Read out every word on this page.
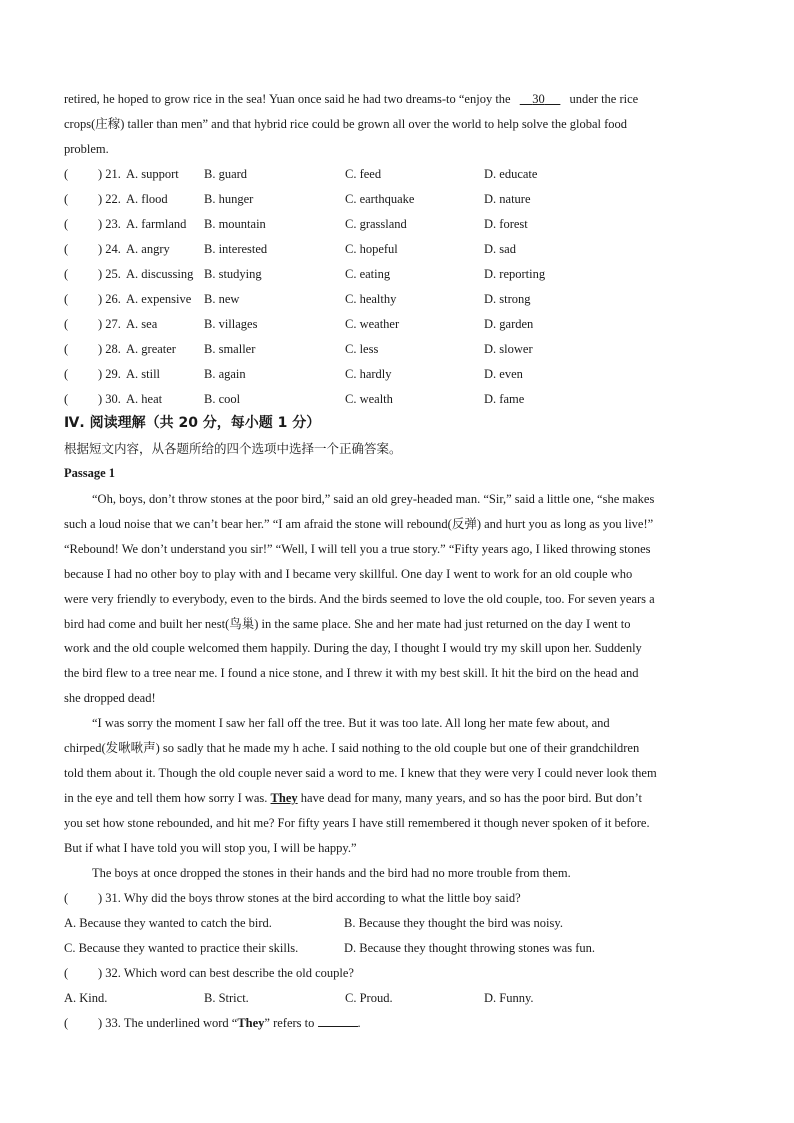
retired, he hoped to grow rice in the sea! Yuan once said he had two dreams-to “enjoy the 30 under the rice
crops(庄稼) taller than men” and that hybrid rice could be grown all over the world to help solve the global food
problem.
( ) 21. A. support B. guard	C. feed	D. educate
( ) 22. A. flood	B. hunger	C. earthquake	D. nature
( ) 23. A. farmland B. mountain	C. grassland	D. forest
( ) 24. A. angry	B. interested	C. hopeful	D. sad
( ) 25. A. discussing B. studying	C. eating	D. reporting
( ) 26. A. expensive B. new	C. healthy	D. strong
( ) 27. A. sea	B. villages	C. weather	D. garden
( ) 28. A. greater B. smaller	C. less	D. slower
( ) 29. A. still	B. again	C. hardly	D. even
( ) 30. A. heat	B. cool	C. wealth	D. fame
Ⅳ. 阅读理解（共 20 分，每小题 1 分）
根据短文内容，从各题所给的四个选项中选择一个正确答案。
Passage 1

“Oh, boys, don’t throw stones at the poor bird,” said an old grey-headed man. “Sir,” said a little one, “she makes

such a loud noise that we can’t bear her.” “I am afraid the stone will rebound(反弹) and hurt you as long as you live!”

“Rebound! We don’t understand you sir!” “Well, I will tell you a true story.” “Fifty years ago, I liked throwing stones

because I had no other boy to play with and I became very skillful. One day I went to work for an old couple who

were very friendly to everybody, even to the birds. And the birds seemed to love the old couple, too. For seven years a

bird had come and built her nest(鸟巢) in the same place. She and her mate had just returned on the day I went to

work and the old couple welcomed them happily. During the day, I thought I would try my skill upon her. Suddenly

the bird flew to a tree near me. I found a nice stone, and I threw it with my best skill. It hit the bird on the head and

she dropped dead!

“I was sorry the moment I saw her fall off the tree. But it was too late. All long her mate few about, and

chirped(发啾啾声) so sadly that he made my h ache. I said nothing to the old couple but one of their grandchildren

told them about it. Though the old couple never said a word to me. I knew that they were very I could never look them

in the eye and tell them how sorry I was. They have dead for many, many years, and so has the poor bird. But don’t

you set how stone rebounded, and hit me? For fifty years I have still remembered it though never spoken of it before.

But if what I have told you will stop you, I will be happy.”

The boys at once dropped the stones in their hands and the bird had no more trouble from them.

( ) 31. Why did the boys throw stones at the bird according to what the little boy said?
A. Because they wanted to catch the bird.	B. Because they thought the bird was noisy.
C. Because they wanted to practice their skills.	D. Because they thought throwing stones was fun.
( ) 32. Which word can best describe the old couple?
A. Kind.	B. Strict.	C. Proud.	D. Funny.
( ) 33. The underlined word “They” refers to	.
